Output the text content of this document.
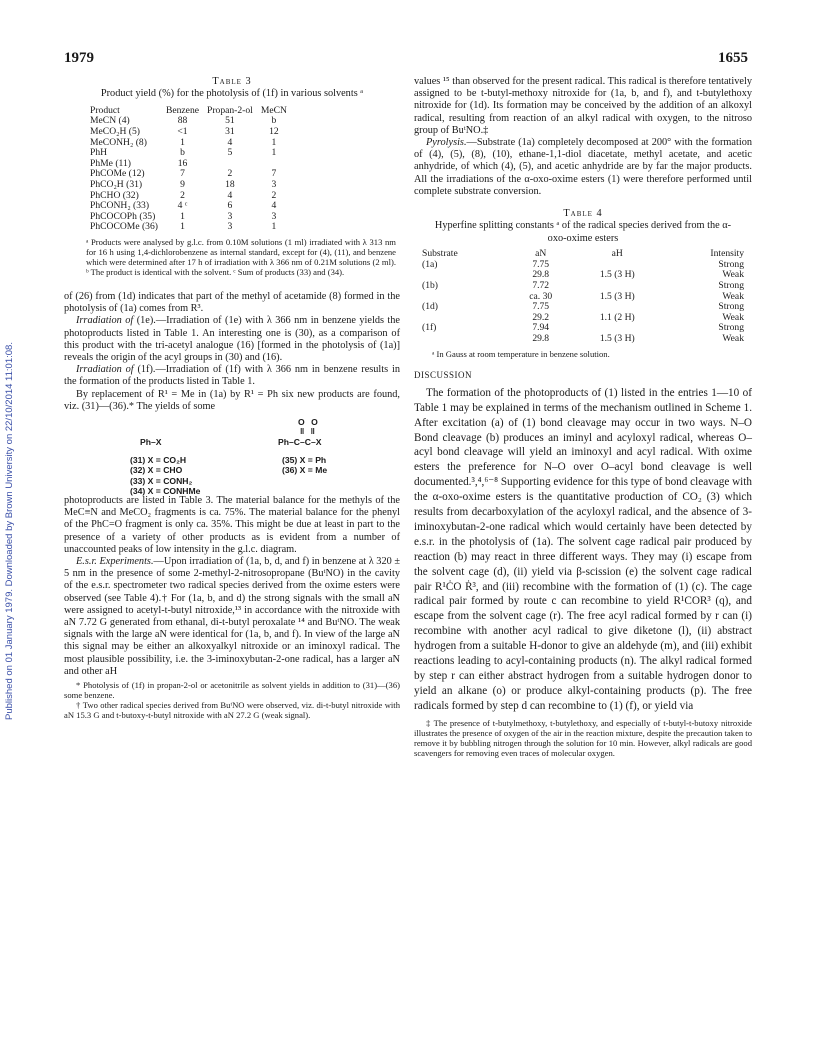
1979	1655
Published on 01 January 1979. Downloaded by Brown University on 22/10/2014 11:01:08.
Table 3
Product yield (%) for the photolysis of (1f) in various solvents ᵃ
Product	Benzene	Propan-2-ol	MeCN
MeCN (4)	88	51	b
MeCO₂H (5)	<1	31	12
MeCONH₂ (8)	1	4	1
PhH	b	5	1
PhMe (11)	16		
PhCOMe (12)	7	2	7
PhCO₂H (31)	9	18	3
PhCHO (32)	2	4	2
PhCONH₂ (33)	4 ᶜ	6	4
PhCOCOPh (35)	1	3	3
PhCOCOMe (36)	1	3	1
ᵃ Products were analysed by g.l.c. from 0.10M solutions (1 ml) irradiated with λ 313 nm for 16 h using 1,4-dichlorobenzene as internal standard, except for (4), (11), and benzene which were determined after 17 h of irradiation with λ 366 nm of 0.21M solutions (2 ml). ᵇ The product is identical with the solvent. ᶜ Sum of products (33) and (34).

of (26) from (1d) indicates that part of the methyl of acetamide (8) formed in the photolysis of (1a) comes from R³.

Irradiation of (1e).—Irradiation of (1e) with λ 366 nm in benzene yields the photoproducts listed in Table 1. An interesting one is (30), as a comparison of this product with the tri-acetyl analogue (16) [formed in the photolysis of (1a)] reveals the origin of the acyl groups in (30) and (16).

Irradiation of (1f).—Irradiation of (1f) with λ 366 nm in benzene results in the formation of the products listed in Table 1.

By replacement of R¹ = Me in (1a) by R¹ = Ph six new products are found, viz. (31)—(36).* The yields of some

Ph–X
(31) X = CO₂H
(32) X = CHO
(33) X = CONH₂
(34) X = CONHMe
O O
‖ ‖
Ph–C–C–X
(35) X = Ph
(36) X = Me

photoproducts are listed in Table 3. The material balance for the methyls of the MeC≡N and MeCO₂ fragments is ca. 75%. The material balance for the phenyl of the PhC=O fragment is only ca. 35%. This might be due at least in part to the presence of a variety of other products as is evident from a number of unaccounted peaks of low intensity in the g.l.c. diagram.

E.s.r. Experiments.—Upon irradiation of (1a, b, d, and f) in benzene at λ 320 ± 5 nm in the presence of some 2-methyl-2-nitrosopropane (BuᵗNO) in the cavity of the e.s.r. spectrometer two radical species derived from the oxime esters were observed (see Table 4).† For (1a, b, and d) the strong signals with the small aN were assigned to acetyl-t-butyl nitroxide,¹³ in accordance with the nitroxide with aN 7.72 G generated from ethanal, di-t-butyl peroxalate ¹⁴ and BuᵗNO. The weak signals with the large aN were identical for (1a, b, and f). In view of the large aN this signal may be either an alkoxyalkyl nitroxide or an iminoxyl radical. The most plausible possibility, i.e. the 3-iminoxybutan-2-one radical, has a larger aN and other aH

* Photolysis of (1f) in propan-2-ol or acetonitrile as solvent yields in addition to (31)—(36) some benzene.

† Two other radical species derived from BuᵗNO were observed, viz. di-t-butyl nitroxide with aN 15.3 G and t-butoxy-t-butyl nitroxide with aN 27.2 G (weak signal).

values ¹⁵ than observed for the present radical. This radical is therefore tentatively assigned to be t-butyl-methoxy nitroxide for (1a, b, and f), and t-butylethoxy nitroxide for (1d). Its formation may be conceived by the addition of an alkoxyl radical, resulting from reaction of an alkyl radical with oxygen, to the nitroso group of BuᵗNO.‡

Pyrolysis.—Substrate (1a) completely decomposed at 200° with the formation of (4), (5), (8), (10), ethane-1,1-diol diacetate, methyl acetate, and acetic anhydride, of which (4), (5), and acetic anhydride are by far the major products. All the irradiations of the α-oxo-oxime esters (1) were therefore performed until complete substrate conversion.

Table 4
Hyperfine splitting constants ᵃ of the radical species derived from the α-oxo-oxime esters
Substrate	aN	aH	Intensity
(1a)	7.75		Strong
	29.8	1.5 (3 H)	Weak
(1b)	7.72		Strong
	ca. 30	1.5 (3 H)	Weak
(1d)	7.75		Strong
	29.2	1.1 (2 H)	Weak
(1f)	7.94		Strong
	29.8	1.5 (3 H)	Weak
ᵃ In Gauss at room temperature in benzene solution.
DISCUSSION

The formation of the photoproducts of (1) listed in the entries 1—10 of Table 1 may be explained in terms of the mechanism outlined in Scheme 1. After excitation (a) of (1) bond cleavage may occur in two ways. N–O Bond cleavage (b) produces an iminyl and acyloxyl radical, whereas O–acyl bond cleavage will yield an iminoxyl and acyl radical. With oxime esters the preference for N–O over O–acyl bond cleavage is well documented.³,⁴,⁶⁻⁸ Supporting evidence for this type of bond cleavage with the α-oxo-oxime esters is the quantitative production of CO₂ (3) which results from decarboxylation of the acyloxyl radical, and the absence of 3-iminoxybutan-2-one radical which would certainly have been detected by e.s.r. in the photolysis of (1a). The solvent cage radical pair produced by reaction (b) may react in three different ways. They may (i) escape from the solvent cage (d), (ii) yield via β-scission (e) the solvent cage radical pair R¹ĊO Ṙ³, and (iii) recombine with the formation of (1) (c). The cage radical pair formed by route c can recombine to yield R¹COR³ (q), and escape from the solvent cage (r). The free acyl radical formed by r can (i) recombine with another acyl radical to give diketone (l), (ii) abstract hydrogen from a suitable H-donor to give an aldehyde (m), and (iii) exhibit reactions leading to acyl-containing products (n). The alkyl radical formed by step r can either abstract hydrogen from a suitable hydrogen donor to yield an alkane (o) or produce alkyl-containing products (p). The free radicals formed by step d can recombine to (1) (f), or yield via

‡ The presence of t-butylmethoxy, t-butylethoxy, and especially of t-butyl-t-butoxy nitroxide illustrates the presence of oxygen of the air in the reaction mixture, despite the precaution taken to remove it by bubbling nitrogen through the solution for 10 min. However, alkyl radicals are good scavengers for removing even traces of molecular oxygen.
